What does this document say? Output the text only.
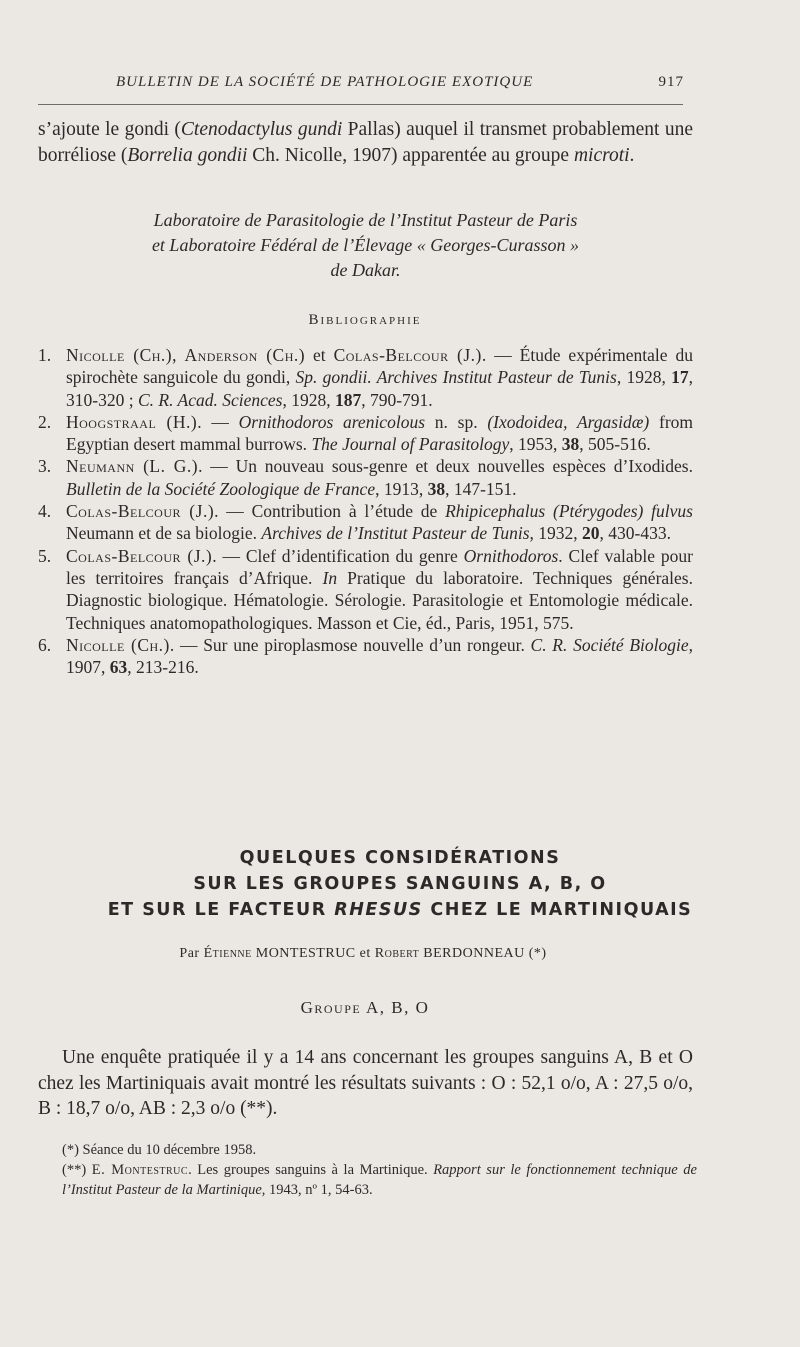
BULLETIN DE LA SOCIÉTÉ DE PATHOLOGIE EXOTIQUE	917

s’ajoute le gondi (Ctenodactylus gundi Pallas) auquel il transmet probablement une borréliose (Borrelia gondii Ch. Nicolle, 1907) apparentée au groupe microti.

Laboratoire de Parasitologie de l’Institut Pasteur de Paris
et Laboratoire Fédéral de l’Élevage « Georges-Curasson »
de Dakar.
Bibliographie
1. Nicolle (Ch.), Anderson (Ch.) et Colas-Belcour (J.). — Étude expérimentale du spirochète sanguicole du gondi, Sp. gondii. Archives Institut Pasteur de Tunis, 1928, 17, 310-320 ; C. R. Acad. Sciences, 1928, 187, 790-791.
2. Hoogstraal (H.). — Ornithodoros arenicolous n. sp. (Ixodoidea, Argasidæ) from Egyptian desert mammal burrows. The Journal of Parasitology, 1953, 38, 505-516.
3. Neumann (L. G.). — Un nouveau sous-genre et deux nouvelles espèces d’Ixodides. Bulletin de la Société Zoologique de France, 1913, 38, 147-151.
4. Colas-Belcour (J.). — Contribution à l’étude de Rhipicephalus (Ptérygodes) fulvus Neumann et de sa biologie. Archives de l’Institut Pasteur de Tunis, 1932, 20, 430-433.
5. Colas-Belcour (J.). — Clef d’identification du genre Ornithodoros. Clef valable pour les territoires français d’Afrique. In Pratique du laboratoire. Techniques générales. Diagnostic biologique. Hématologie. Sérologie. Parasitologie et Entomologie médicale. Techniques anatomopathologiques. Masson et Cie, éd., Paris, 1951, 575.
6. Nicolle (Ch.). — Sur une piroplasmose nouvelle d’un rongeur. C. R. Société Biologie, 1907, 63, 213-216.
QUELQUES CONSIDÉRATIONS
SUR LES GROUPES SANGUINS A, B, O
ET SUR LE FACTEUR RHESUS CHEZ LE MARTINIQUAIS
Par Étienne MONTESTRUC et Robert BERDONNEAU (*)
Groupe A, B, O

Une enquête pratiquée il y a 14 ans concernant les groupes sanguins A, B et O chez les Martiniquais avait montré les résultats suivants : O : 52,1 o/o, A : 27,5 o/o, B : 18,7 o/o, AB : 2,3 o/o (**).

(*) Séance du 10 décembre 1958.
(**) E. Montestruc. Les groupes sanguins à la Martinique. Rapport sur le fonctionnement technique de l’Institut Pasteur de la Martinique, 1943, nº 1, 54-63.
